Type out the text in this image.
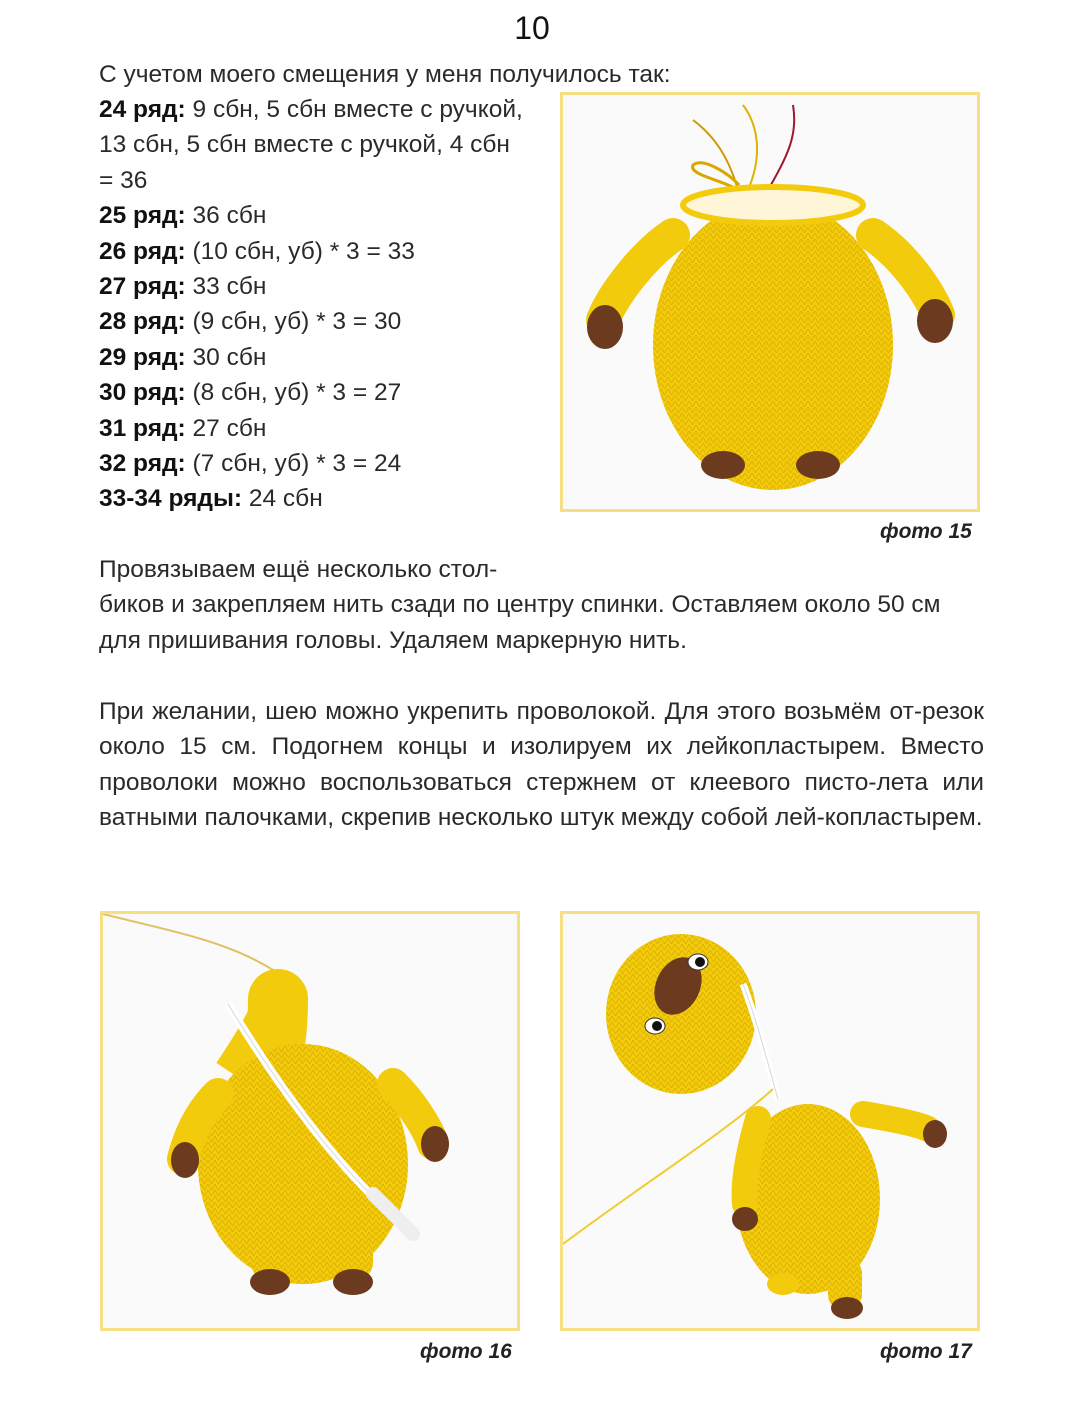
10
С учетом моего смещения у меня получилось так:
24 ряд: 9 сбн, 5 сбн вместе с ручкой,
13 сбн, 5 сбн вместе с ручкой, 4 сбн
= 36
25 ряд: 36 сбн
26 ряд: (10 сбн, уб) * 3 = 33
27 ряд: 33 сбн
28 ряд: (9 сбн, уб) * 3 = 30
29 ряд: 30 сбн
30 ряд: (8 сбн, уб) * 3 = 27
31 ряд: 27 сбн
32 ряд: (7 сбн, уб) * 3 = 24
33-34 ряды: 24 сбн
фото 15
Провязываем ещё несколько стол-
биков и закрепляем нить сзади по центру спинки. Оставляем около 50 см для пришивания головы. Удаляем маркерную нить.
При желании, шею можно укрепить проволокой. Для этого возьмём от-резок около 15 см. Подогнем концы и изолируем их лейкопластырем. Вместо проволоки можно воспользоваться стержнем от клеевого писто-лета или ватными палочками, скрепив несколько штук между собой лей-копластырем.
фото 16	фото 17
